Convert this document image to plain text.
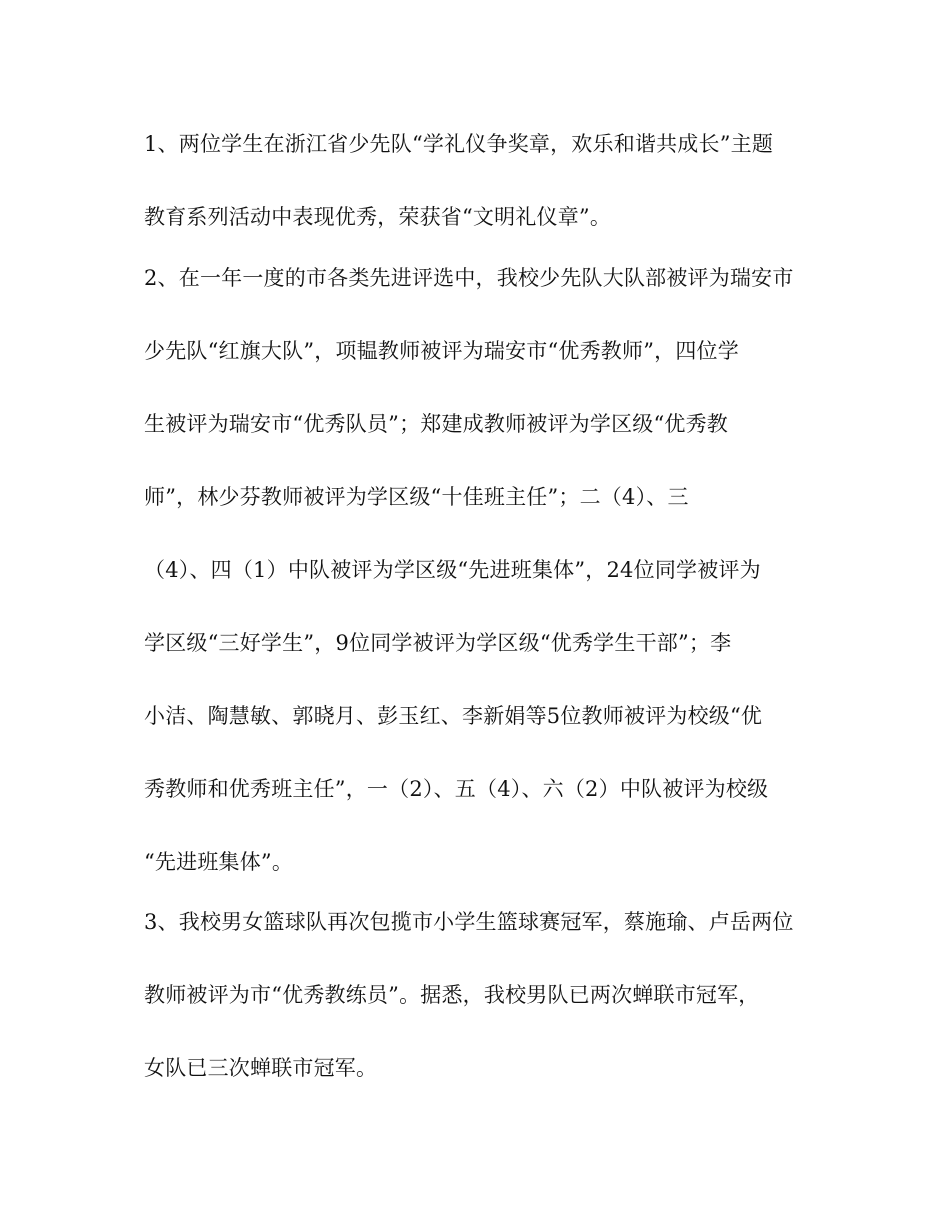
1、两位学生在浙江省少先队“学礼仪争奖章，欢乐和谐共成长”主题
教育系列活动中表现优秀，荣获省“文明礼仪章”。
2、在一年一度的市各类先进评选中，我校少先队大队部被评为瑞安市
少先队“红旗大队”，项韫教师被评为瑞安市“优秀教师”，四位学
生被评为瑞安市“优秀队员”；郑建成教师被评为学区级“优秀教
师”，林少芬教师被评为学区级“十佳班主任”；二（4）、三
（4）、四（1）中队被评为学区级“先进班集体”，24位同学被评为
学区级“三好学生”，9位同学被评为学区级“优秀学生干部”；李
小洁、陶慧敏、郭晓月、彭玉红、李新娟等5位教师被评为校级“优
秀教师和优秀班主任”，一（2）、五（4）、六（2）中队被评为校级
“先进班集体”。
3、我校男女篮球队再次包揽市小学生篮球赛冠军，蔡施瑜、卢岳两位
教师被评为市“优秀教练员”。据悉，我校男队已两次蝉联市冠军，
女队已三次蝉联市冠军。
